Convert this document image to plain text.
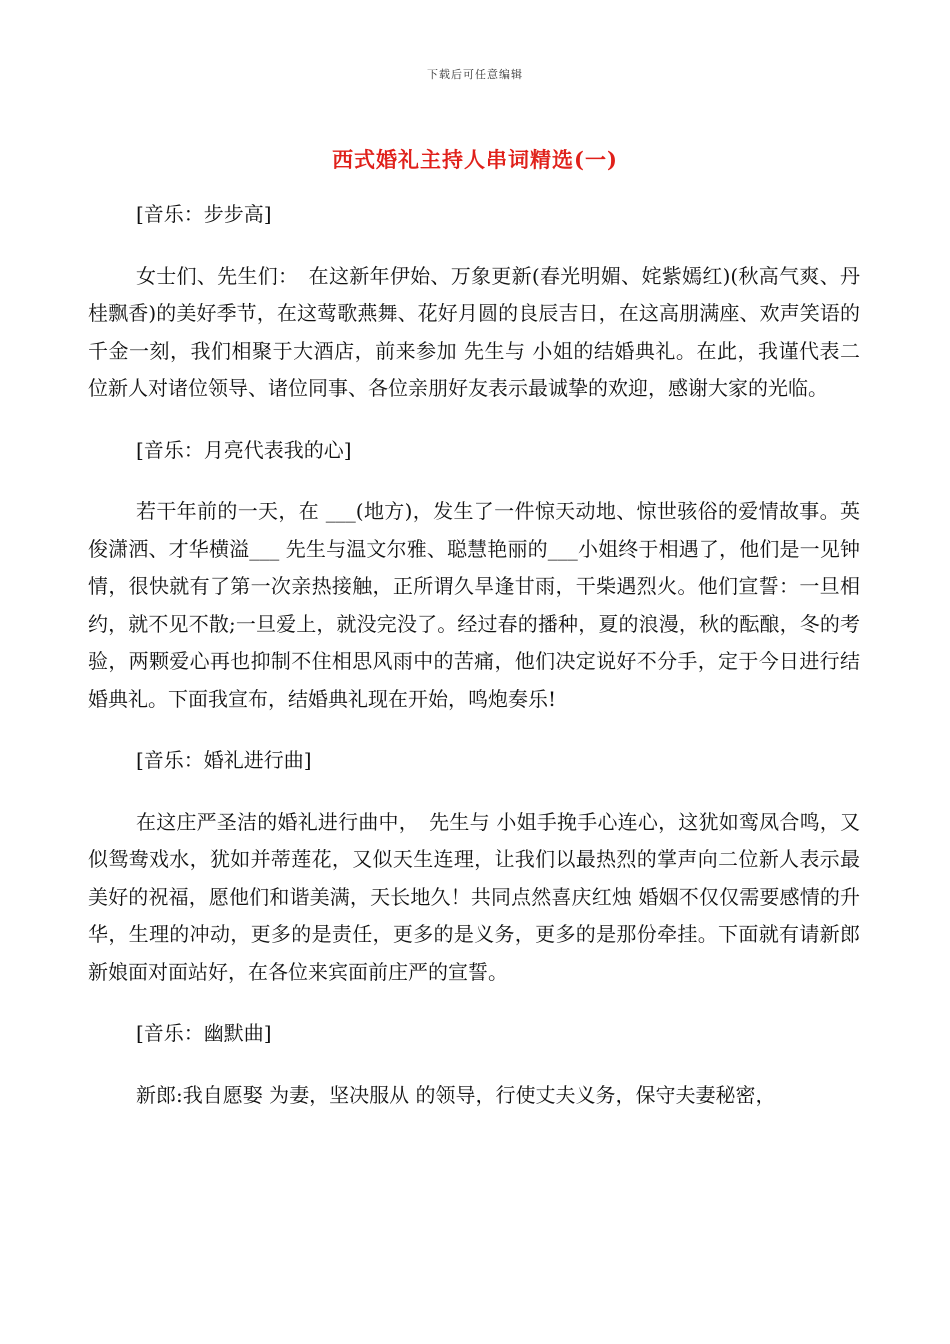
下载后可任意编辑
西式婚礼主持人串词精选(一)

[音乐：步步高]

女士们、先生们：　在这新年伊始、万象更新(春光明媚、姹紫嫣红)(秋高气爽、丹桂飘香)的美好季节，在这莺歌燕舞、花好月圆的良辰吉日，在这高朋满座、欢声笑语的千金一刻，我们相聚于大酒店，前来参加 先生与 小姐的结婚典礼。在此，我谨代表二位新人对诸位领导、诸位同事、各位亲朋好友表示最诚挚的欢迎，感谢大家的光临。

[音乐：月亮代表我的心]

若干年前的一天，在 ___(地方)，发生了一件惊天动地、惊世骇俗的爱情故事。英俊潇洒、才华横溢___ 先生与温文尔雅、聪慧艳丽的___小姐终于相遇了，他们是一见钟情，很快就有了第一次亲热接触，正所谓久旱逢甘雨，干柴遇烈火。他们宣誓：一旦相约，就不见不散;一旦爱上，就没完没了。经过春的播种，夏的浪漫，秋的酝酿，冬的考验，两颗爱心再也抑制不住相思风雨中的苦痛，他们决定说好不分手，定于今日进行结婚典礼。下面我宣布，结婚典礼现在开始，鸣炮奏乐!

[音乐：婚礼进行曲]

在这庄严圣洁的婚礼进行曲中，　先生与 小姐手挽手心连心，这犹如鸾凤合鸣，又似鸳鸯戏水，犹如并蒂莲花，又似天生连理，让我们以最热烈的掌声向二位新人表示最美好的祝福，愿他们和谐美满，天长地久！共同点然喜庆红烛 婚姻不仅仅需要感情的升华，生理的冲动，更多的是责任，更多的是义务，更多的是那份牵挂。下面就有请新郎新娘面对面站好，在各位来宾面前庄严的宣誓。

[音乐：幽默曲]

新郎:我自愿娶 为妻，坚决服从 的领导，行使丈夫义务，保守夫妻秘密，
